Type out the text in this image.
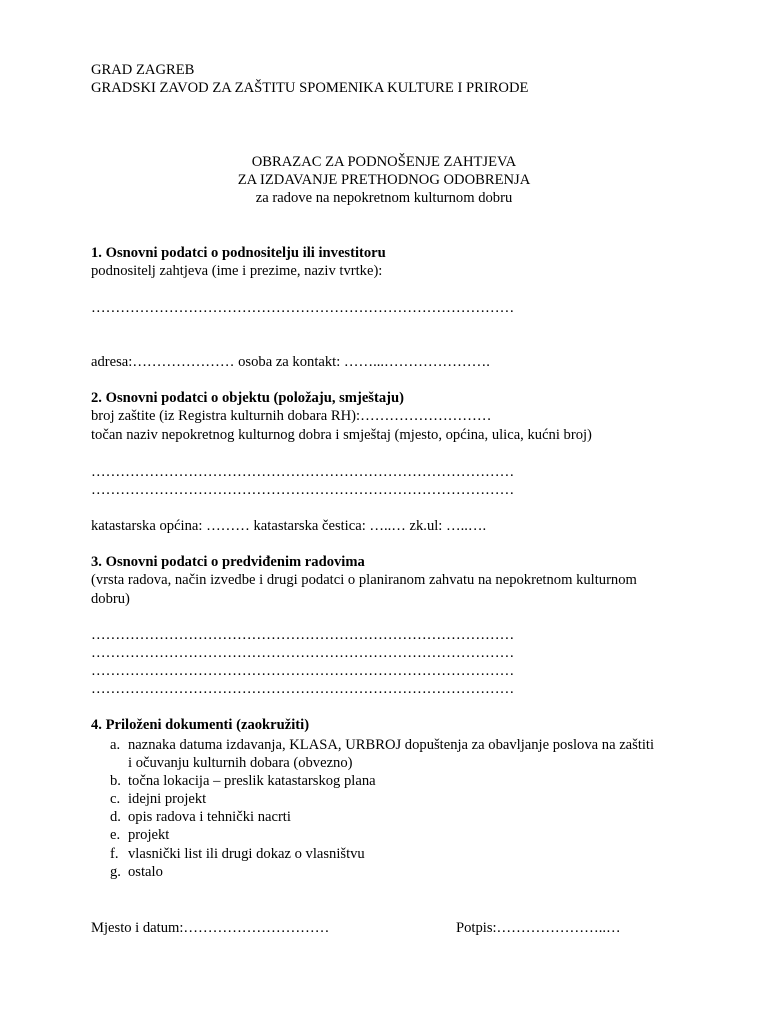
GRAD ZAGREB
GRADSKI ZAVOD ZA ZAŠTITU SPOMENIKA KULTURE I PRIRODE
OBRAZAC ZA PODNOŠENJE ZAHTJEVA
ZA IZDAVANJE PRETHODNOG ODOBRENJA
za radove na nepokretnom kulturnom dobru
1. Osnovni podatci o podnositelju ili investitoru
podnositelj zahtjeva (ime i prezime, naziv tvrtke):
……………………………………………………………………………
adresa:………………… osoba za kontakt: ……...………………….
2. Osnovni podatci o objektu (položaju, smještaju)
broj zaštite (iz Registra kulturnih dobara RH):………………………
točan naziv nepokretnog kulturnog dobra i smještaj (mjesto, općina, ulica, kućni broj)
……………………………………………………………………………
……………………………………………………………………………
katastarska općina: ……… katastarska čestica: …..… zk.ul: …..….
3. Osnovni podatci o predviđenim radovima
(vrsta radova, način izvedbe i drugi podatci o planiranom zahvatu na nepokretnom kulturnom
dobru)
……………………………………………………………………………
……………………………………………………………………………
……………………………………………………………………………
……………………………………………………………………………
4. Priloženi dokumenti (zaokružiti)
a. naznaka datuma izdavanja, KLASA, URBROJ dopuštenja za obavljanje poslova na zaštiti
i očuvanju kulturnih dobara (obvezno)
b. točna lokacija – preslik katastarskog plana
c. idejni projekt
d. opis radova i tehnički nacrti
e. projekt
f. vlasnički list ili drugi dokaz o vlasništvu
g. ostalo
Mjesto i datum:…………………………	Potpis:…………………..…
